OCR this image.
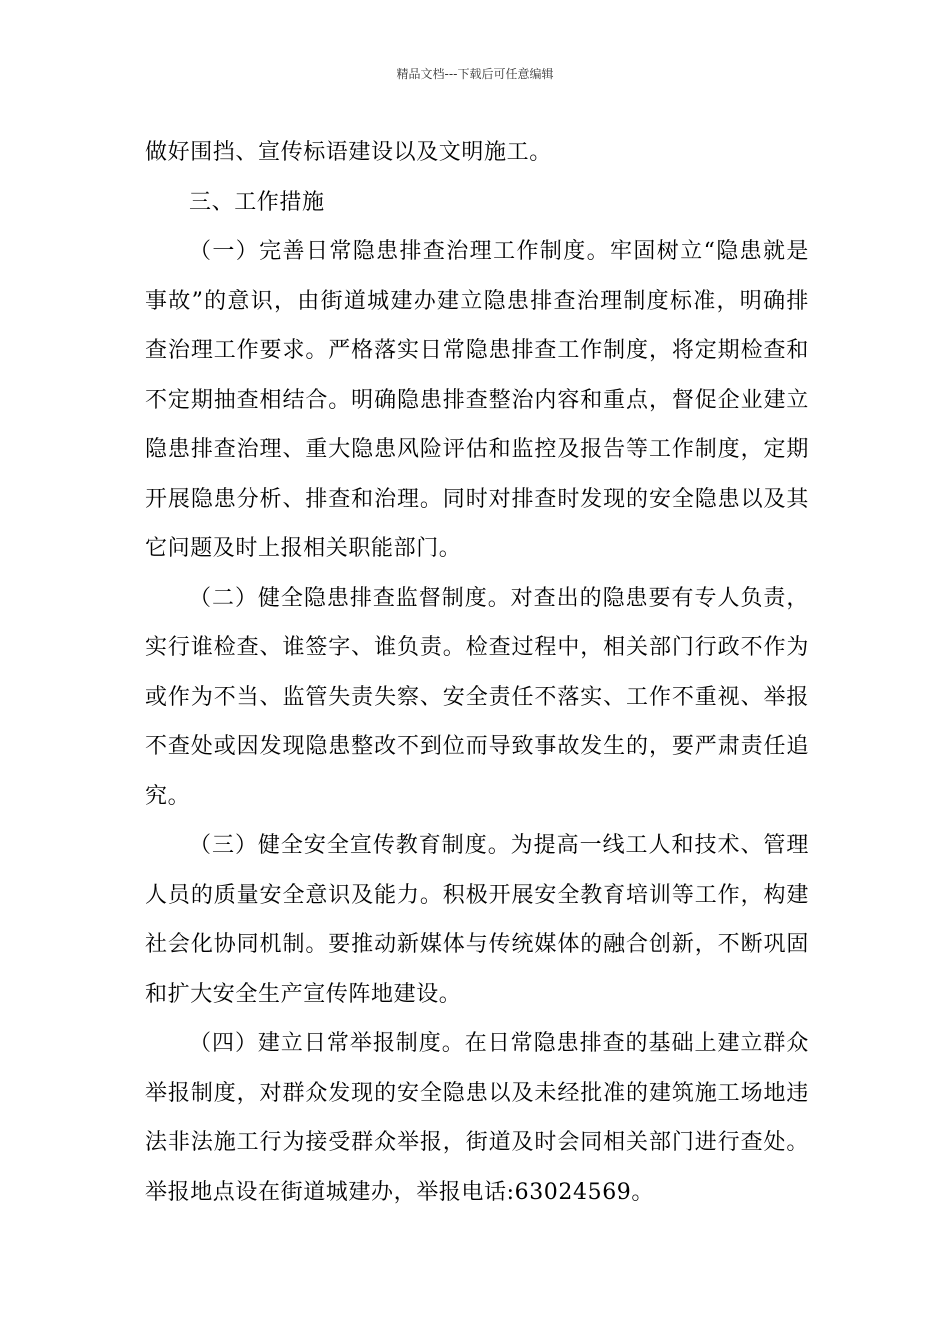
精品文档---下载后可任意编辑

做好围挡、宣传标语建设以及文明施工。

三、工作措施

（一）完善日常隐患排查治理工作制度。牢固树立“隐患就是事故”的意识，由街道城建办建立隐患排查治理制度标准，明确排查治理工作要求。严格落实日常隐患排查工作制度，将定期检查和不定期抽查相结合。明确隐患排查整治内容和重点，督促企业建立隐患排查治理、重大隐患风险评估和监控及报告等工作制度，定期开展隐患分析、排查和治理。同时对排查时发现的安全隐患以及其它问题及时上报相关职能部门。

（二）健全隐患排查监督制度。对查出的隐患要有专人负责，实行谁检查、谁签字、谁负责。检查过程中，相关部门行政不作为或作为不当、监管失责失察、安全责任不落实、工作不重视、举报不查处或因发现隐患整改不到位而导致事故发生的，要严肃责任追究。

（三）健全安全宣传教育制度。为提高一线工人和技术、管理人员的质量安全意识及能力。积极开展安全教育培训等工作，构建社会化协同机制。要推动新媒体与传统媒体的融合创新，不断巩固和扩大安全生产宣传阵地建设。

（四）建立日常举报制度。在日常隐患排查的基础上建立群众举报制度，对群众发现的安全隐患以及未经批准的建筑施工场地违法非法施工行为接受群众举报，街道及时会同相关部门进行查处。举报地点设在街道城建办，举报电话:63024569。
